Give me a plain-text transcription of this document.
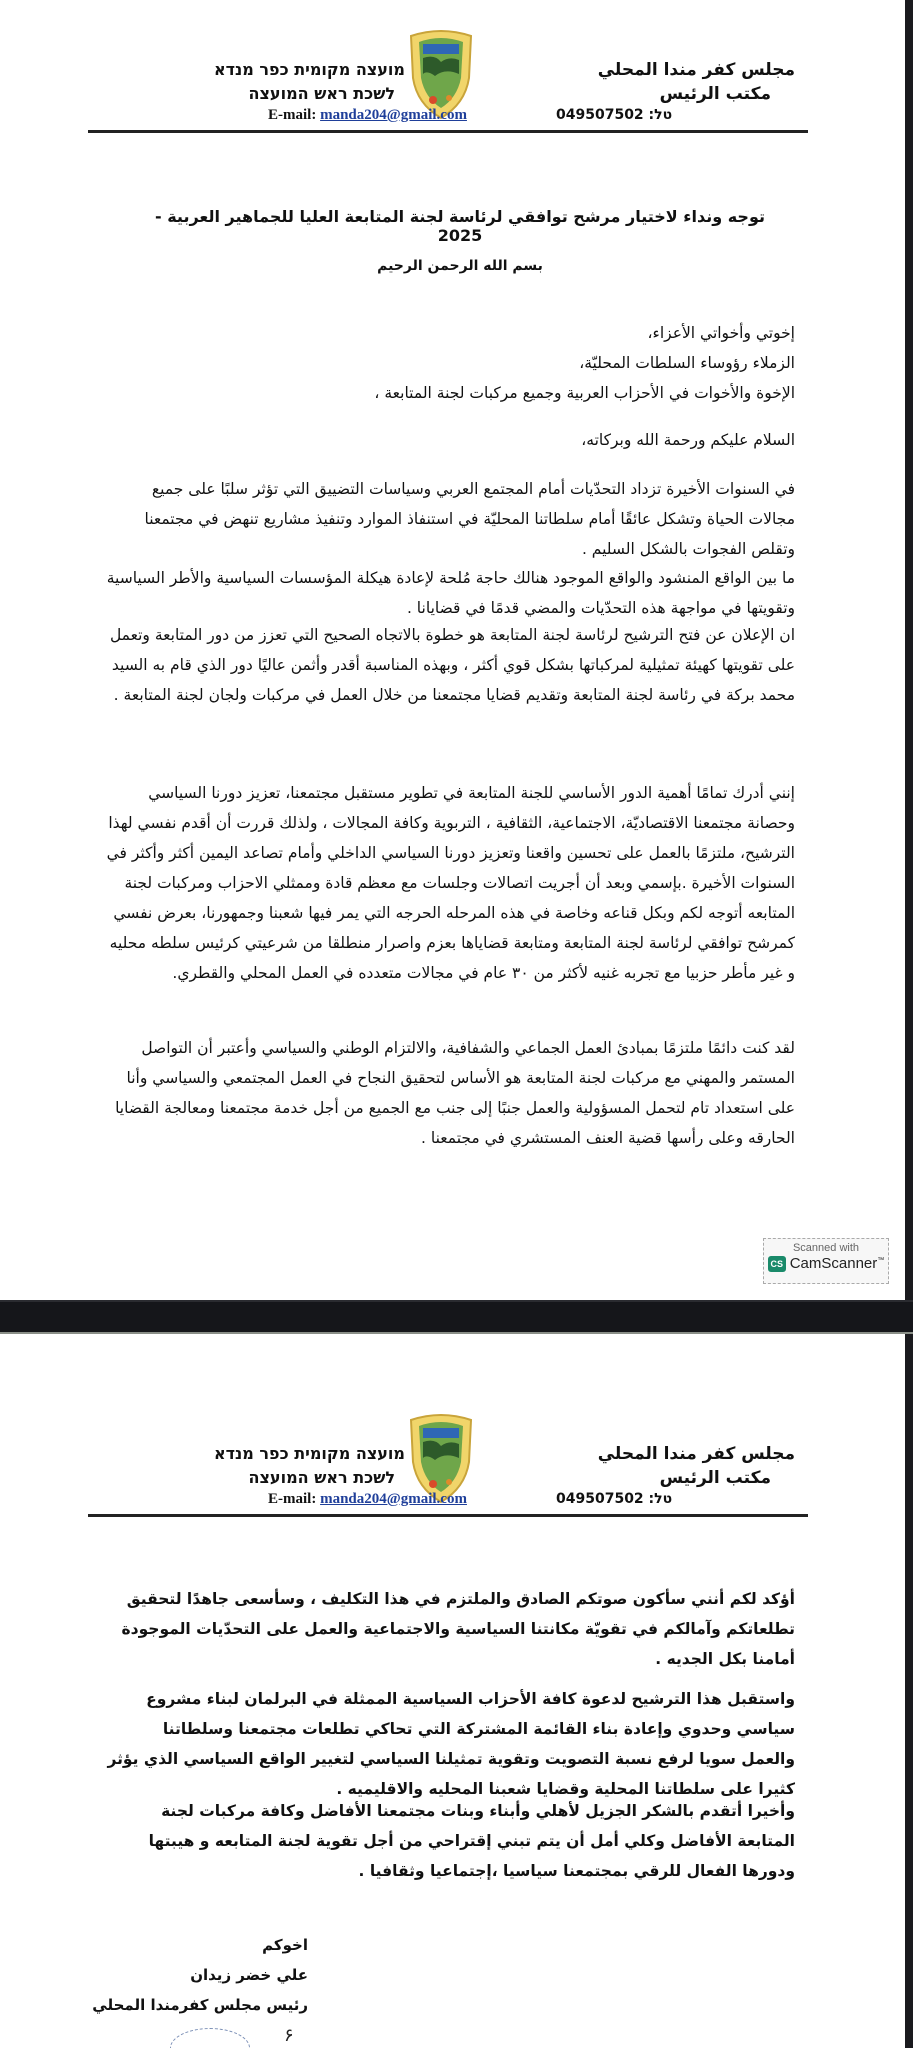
مجلس كفر مندا المحلي
مكتب الرئيس
מועצה מקומית כפר מנדא
לשכת ראש המועצה
E-mail: manda204@gmail.com	טל: 049507502
توجه ونداء لاختيار مرشح توافقي لرئاسة لجنة المتابعة العليا للجماهير العربية - 2025
بسم الله الرحمن الرحيم

إخوتي وأخواتي الأعزاء،

الزملاء رؤوساء السلطات المحليّة،

الإخوة والأخوات في الأحزاب العربية وجميع مركبات لجنة المتابعة ،

السلام عليكم ورحمة الله وبركاته،
في السنوات الأخيرة تزداد التحدّيات أمام المجتمع العربي وسياسات التضييق التي تؤثر سلبًا على جميع مجالات الحياة وتشكل عائقًا أمام سلطاتنا المحليّة في استنفاذ الموارد وتنفيذ مشاريع تنهض في مجتمعنا وتقلص الفجوات بالشكل السليم .
ما بين الواقع المنشود والواقع الموجود هنالك حاجة مُلحة لإعادة هيكلة المؤسسات السياسية والأطر السياسية وتقويتها في مواجهة هذه التحدّيات والمضي قدمًا في قضايانا .
ان الإعلان عن فتح الترشيح لرئاسة لجنة المتابعة هو خطوة بالاتجاه الصحيح التي تعزز من دور المتابعة وتعمل على تقويتها كهيئة تمثيلية لمركباتها بشكل قوي أكثر ، وبهذه المناسبة أقدر وأثمن عاليًا دور الذي قام به السيد محمد بركة في رئاسة لجنة المتابعة وتقديم قضايا مجتمعنا من خلال العمل في مركبات ولجان لجنة المتابعة .
إنني أدرك تمامًا أهمية الدور الأساسي للجنة المتابعة في تطوير مستقبل مجتمعنا، تعزيز دورنا السياسي وحصانة مجتمعنا الاقتصاديّة، الاجتماعية، الثقافية ، التربوية وكافة المجالات ، ولذلك قررت أن أقدم نفسي لهذا الترشيح، ملتزمًا بالعمل على تحسين واقعنا وتعزيز دورنا السياسي الداخلي وأمام تصاعد اليمين أكثر وأكثر في السنوات الأخيرة .بإسمي وبعد أن أجريت اتصالات وجلسات مع معظم قادة وممثلي الاحزاب ومركبات لجنة المتابعه أتوجه لكم وبكل قناعه وخاصة في هذه المرحله الحرجه التي يمر فيها شعبنا وجمهورنا، بعرض نفسي كمرشح توافقي لرئاسة لجنة المتابعة ومتابعة قضاياها بعزم واصرار منطلقا من شرعيتي كرئيس سلطه محليه و غير مأطر حزبيا مع تجربه غنيه لأكثر من ٣٠ عام في مجالات متعدده في العمل المحلي والقطري.
لقد كنت دائمًا ملتزمًا بمبادئ العمل الجماعي والشفافية، والالتزام الوطني والسياسي وأعتبر أن التواصل المستمر والمهني مع مركبات لجنة المتابعة هو الأساس لتحقيق النجاح في العمل المجتمعي والسياسي وأنا على استعداد تام لتحمل المسؤولية والعمل جنبًا إلى جنب مع الجميع من أجل خدمة مجتمعنا ومعالجة القضايا الحارقه وعلى رأسها قضية العنف المستشري في مجتمعنا .
Scanned with
CS CamScanner™
مجلس كفر مندا المحلي
مكتب الرئيس
מועצה מקומית כפר מנדא
לשכת ראש המועצה
E-mail: manda204@gmail.com	טל: 049507502
أؤكد لكم أنني سأكون صوتكم الصادق والملتزم في هذا التكليف ، وسأسعى جاهدًا لتحقيق تطلعاتكم وآمالكم في تقويّة مكانتنا السياسية والاجتماعية والعمل على التحدّيات الموجودة أمامنا بكل الجديه .
واستقبل هذا الترشيح لدعوة كافة الأحزاب السياسية الممثلة في البرلمان لبناء مشروع سياسي وحدوي وإعادة بناء القائمة المشتركة التي تحاكي تطلعات مجتمعنا وسلطاتنا والعمل سويا لرفع نسبة التصويت وتقوية تمثيلنا السياسي لتغيير الواقع السياسي الذي يؤثر كثيرا على سلطاتنا المحلية وقضايا شعبنا المحليه والاقليميه .
وأخيرا أتقدم بالشكر الجزيل لأهلي وأبناء وبنات مجتمعنا الأفاضل وكافة مركبات لجنة المتابعة الأفاضل وكلي أمل أن يتم تبني إقتراحي من أجل تقوية لجنة المتابعه و هيبتها ودورها الفعال للرقي بمجتمعنا سياسيا ،إجتماعيا وثقافيا .
اخوكم
علي خضر زيدان
رئيس مجلس كفرمندا المحلي
۶
